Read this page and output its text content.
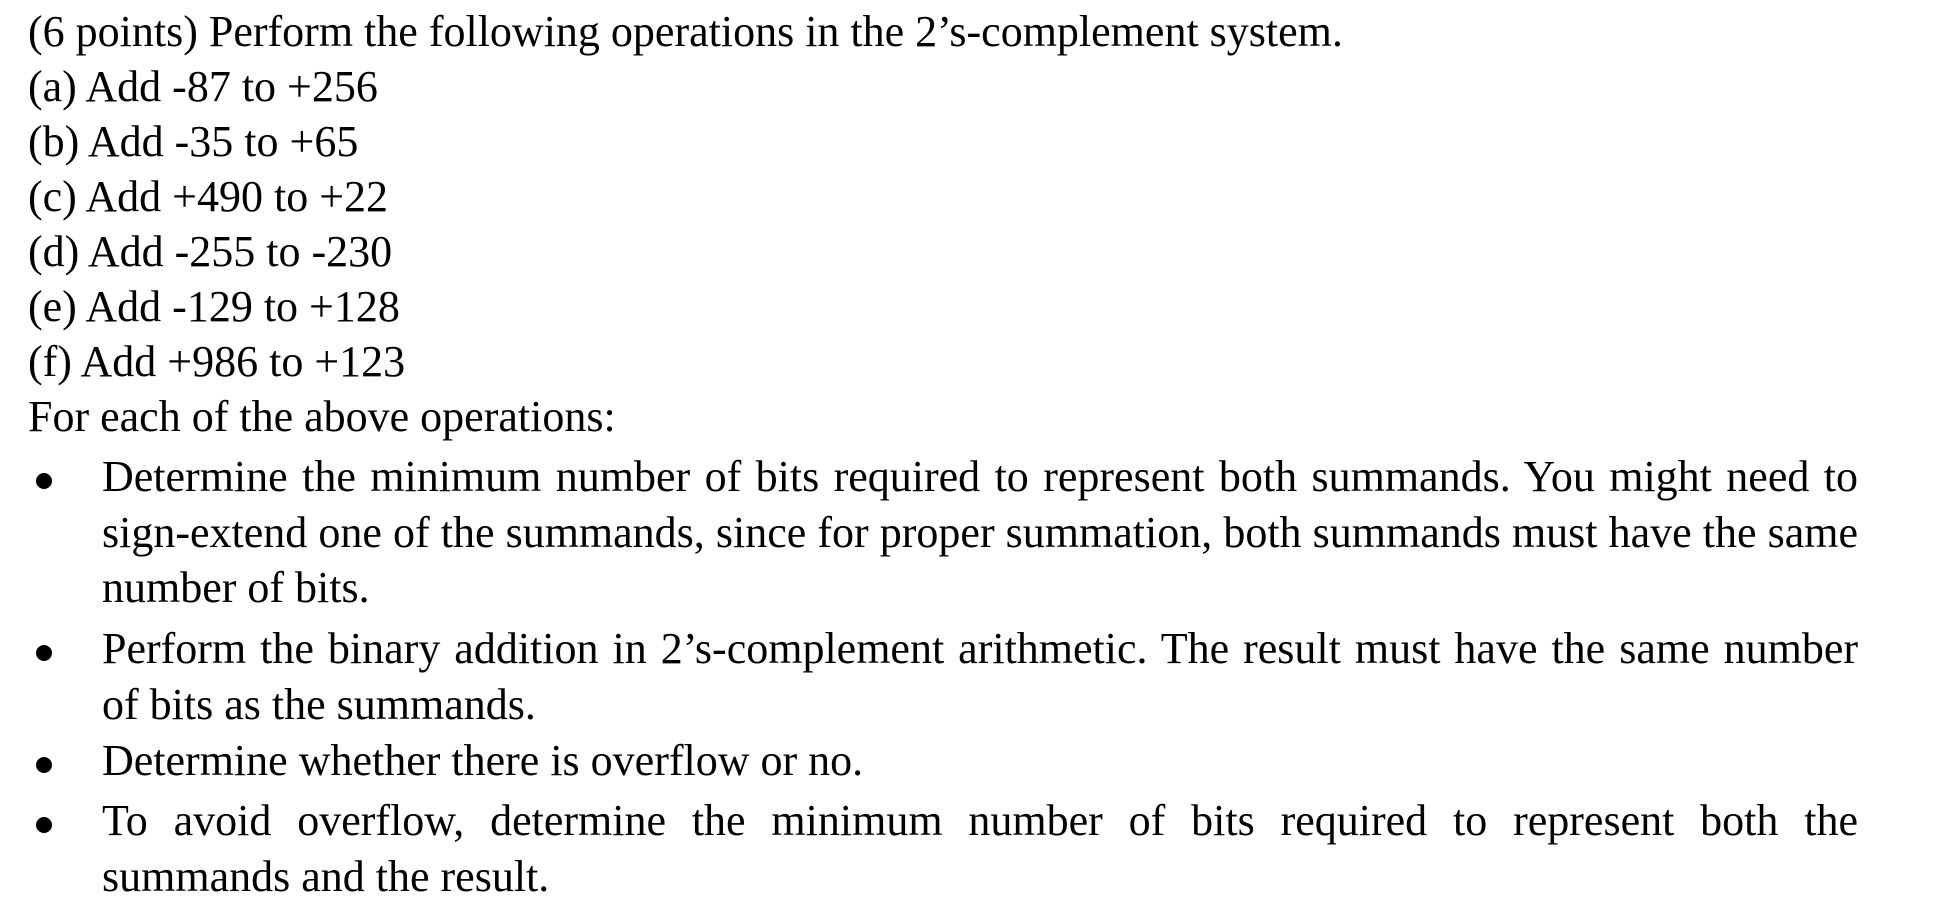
(6 points) Perform the following operations in the 2’s-complement system.
(a) Add -87 to +256
(b) Add -35 to +65
(c) Add +490 to +22
(d) Add -255 to -230
(e) Add -129 to +128
(f) Add +986 to +123
For each of the above operations:
Determine the minimum number of bits required to represent both summands. You might need to sign-extend one of the summands, since for proper summation, both summands must have the same number of bits.
Perform the binary addition in 2’s-complement arithmetic. The result must have the same number of bits as the summands.
Determine whether there is overflow or no.
To avoid overflow, determine the minimum number of bits required to represent both the summands and the result.
